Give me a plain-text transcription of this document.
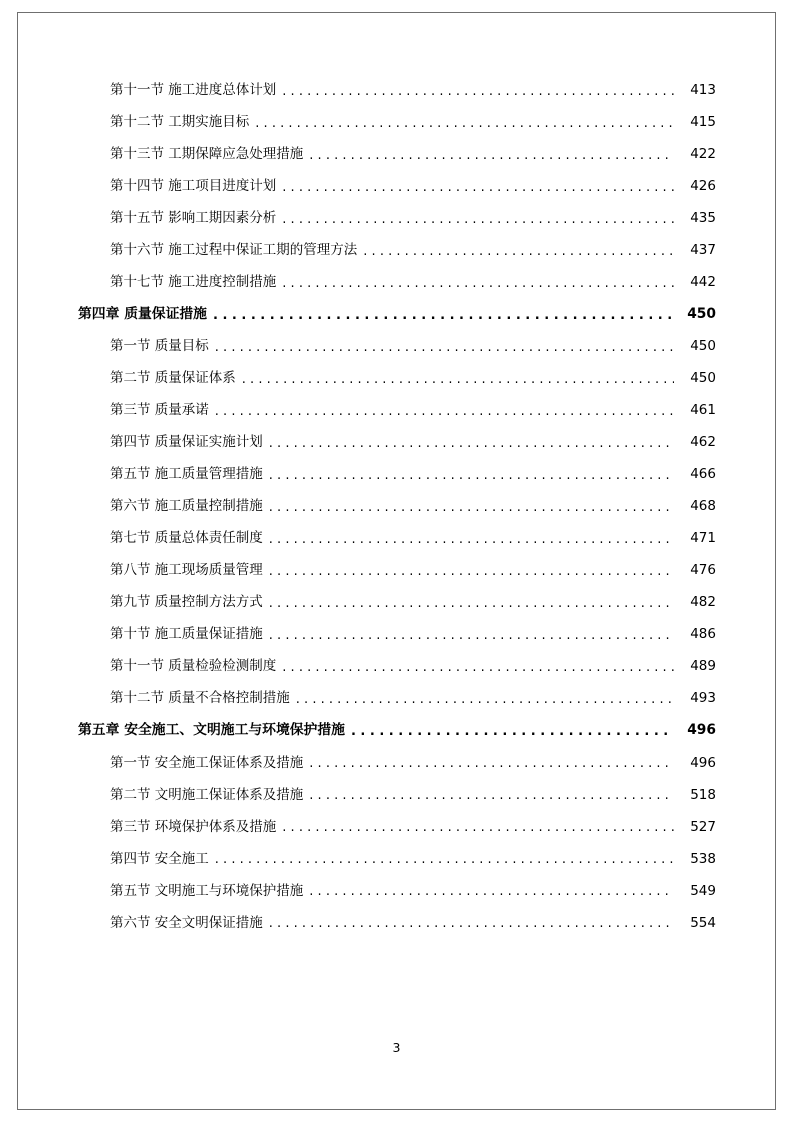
第十一节 施工进度总体计划 . . .	413
第十二节 工期实施目标 . . .	415
第十三节 工期保障应急处理措施 . . .	422
第十四节 施工项目进度计划 . . .	426
第十五节 影响工期因素分析 . . .	435
第十六节 施工过程中保证工期的管理方法 . . .	437
第十七节 施工进度控制措施 . . .	442
第四章 质量保证措施 . . .	450
第一节 质量目标 . . .	450
第二节 质量保证体系 . . .	450
第三节 质量承诺 . . .	461
第四节 质量保证实施计划 . . .	462
第五节 施工质量管理措施 . . .	466
第六节 施工质量控制措施 . . .	468
第七节 质量总体责任制度 . . .	471
第八节 施工现场质量管理 . . .	476
第九节 质量控制方法方式 . . .	482
第十节 施工质量保证措施 . . .	486
第十一节 质量检验检测制度 . . .	489
第十二节 质量不合格控制措施 . . .	493
第五章 安全施工、文明施工与环境保护措施 . . .	496
第一节 安全施工保证体系及措施 . . .	496
第二节 文明施工保证体系及措施 . . .	518
第三节 环境保护体系及措施 . . .	527
第四节 安全施工 . . .	538
第五节 文明施工与环境保护措施 . . .	549
第六节 安全文明保证措施 . . .	554
3
